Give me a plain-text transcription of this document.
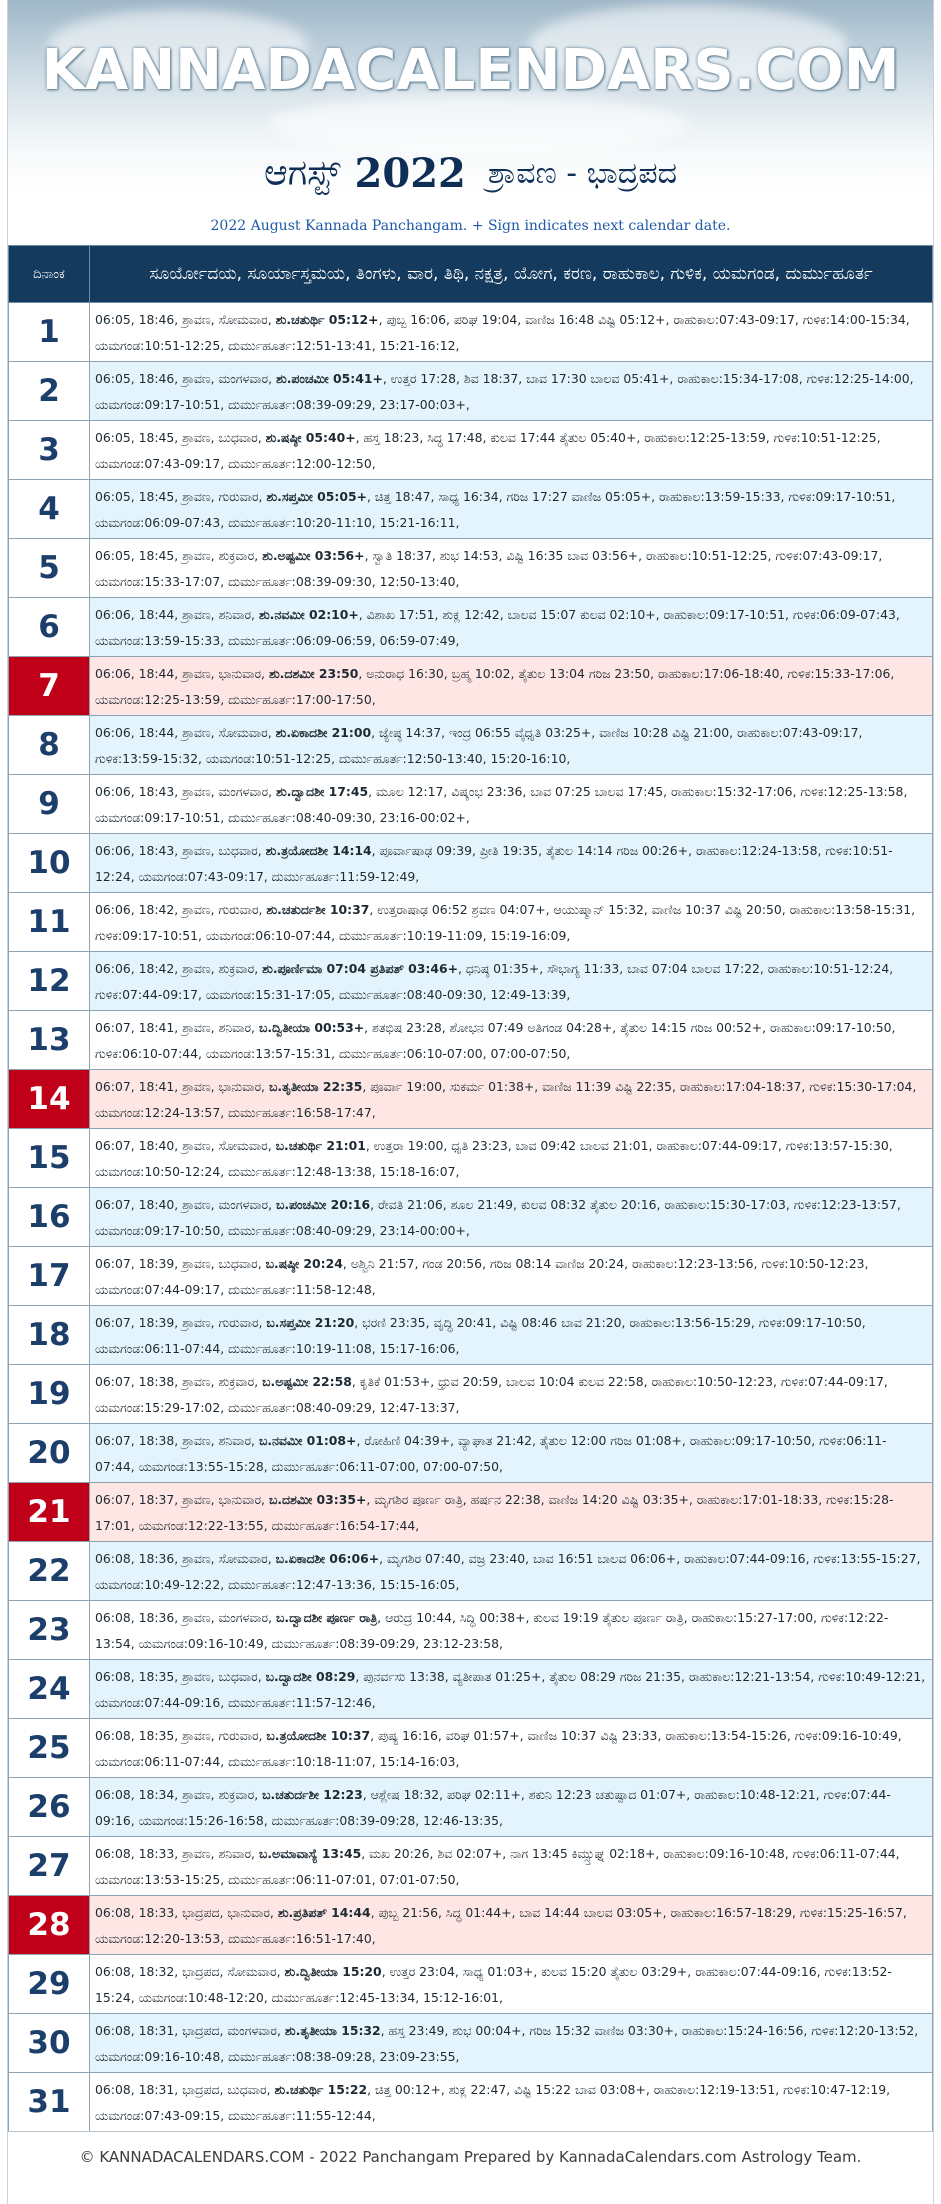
KANNADACALENDARS.COM
ಆಗಸ್ಟ್ 2022 ಶ್ರಾವಣ - ಭಾದ್ರಪದ
2022 August Kannada Panchangam. + Sign indicates next calendar date.
ದಿನಾಂಕ	ಸೂರ್ಯೋದಯ, ಸೂರ್ಯಾಸ್ತಮಯ, ತಿಂಗಳು, ವಾರ, ತಿಥಿ, ನಕ್ಷತ್ರ, ಯೋಗ, ಕರಣ, ರಾಹುಕಾಲ, ಗುಳಿಕ, ಯಮಗಂಡ, ದುರ್ಮುಹೂರ್ತ
1	06:05, 18:46, ಶ್ರಾವಣ, ಸೋಮವಾರ, ಶು.ಚತುರ್ಥಿ 05:12+, ಪುಬ್ಬ 16:06, ಪರಿಘ 19:04, ವಾಣಿಜ 16:48 ವಿಷ್ಟಿ 05:12+, ರಾಹುಕಾಲ:07:43-09:17, ಗುಳಿಕ:14:00-15:34, ಯಮಗಂಡ:10:51-12:25, ದುರ್ಮುಹೂರ್ತ:12:51-13:41, 15:21-16:12,
2	06:05, 18:46, ಶ್ರಾವಣ, ಮಂಗಳವಾರ, ಶು.ಪಂಚಮೀ 05:41+, ಉತ್ತರ 17:28, ಶಿವ 18:37, ಬಾವ 17:30 ಬಾಲವ 05:41+, ರಾಹುಕಾಲ:15:34-17:08, ಗುಳಿಕ:12:25-14:00, ಯಮಗಂಡ:09:17-10:51, ದುರ್ಮುಹೂರ್ತ:08:39-09:29, 23:17-00:03+,
3	06:05, 18:45, ಶ್ರಾವಣ, ಬುಧವಾರ, ಶು.ಷಷ್ಠೀ 05:40+, ಹಸ್ತ 18:23, ಸಿದ್ಧ 17:48, ಕುಲವ 17:44 ತೈತುಲ 05:40+, ರಾಹುಕಾಲ:12:25-13:59, ಗುಳಿಕ:10:51-12:25, ಯಮಗಂಡ:07:43-09:17, ದುರ್ಮುಹೂರ್ತ:12:00-12:50,
4	06:05, 18:45, ಶ್ರಾವಣ, ಗುರುವಾರ, ಶು.ಸಪ್ತಮೀ 05:05+, ಚಿತ್ತ 18:47, ಸಾಧ್ಯ 16:34, ಗರಿಜ 17:27 ವಾಣಿಜ 05:05+, ರಾಹುಕಾಲ:13:59-15:33, ಗುಳಿಕ:09:17-10:51, ಯಮಗಂಡ:06:09-07:43, ದುರ್ಮುಹೂರ್ತ:10:20-11:10, 15:21-16:11,
5	06:05, 18:45, ಶ್ರಾವಣ, ಶುಕ್ರವಾರ, ಶು.ಅಷ್ಟಮೀ 03:56+, ಸ್ವಾತಿ 18:37, ಶುಭ 14:53, ವಿಷ್ಟಿ 16:35 ಬಾವ 03:56+, ರಾಹುಕಾಲ:10:51-12:25, ಗುಳಿಕ:07:43-09:17, ಯಮಗಂಡ:15:33-17:07, ದುರ್ಮುಹೂರ್ತ:08:39-09:30, 12:50-13:40,
6	06:06, 18:44, ಶ್ರಾವಣ, ಶನಿವಾರ, ಶು.ನವಮೀ 02:10+, ವಿಶಾಖ 17:51, ಶುಕ್ಲ 12:42, ಬಾಲವ 15:07 ಕುಲವ 02:10+, ರಾಹುಕಾಲ:09:17-10:51, ಗುಳಿಕ:06:09-07:43, ಯಮಗಂಡ:13:59-15:33, ದುರ್ಮುಹೂರ್ತ:06:09-06:59, 06:59-07:49,
7	06:06, 18:44, ಶ್ರಾವಣ, ಭಾನುವಾರ, ಶು.ದಶಮೀ 23:50, ಅನುರಾಧ 16:30, ಬ್ರಹ್ಮ 10:02, ತೈತುಲ 13:04 ಗರಿಜ 23:50, ರಾಹುಕಾಲ:17:06-18:40, ಗುಳಿಕ:15:33-17:06, ಯಮಗಂಡ:12:25-13:59, ದುರ್ಮುಹೂರ್ತ:17:00-17:50,
8	06:06, 18:44, ಶ್ರಾವಣ, ಸೋಮವಾರ, ಶು.ಏಕಾದಶೀ 21:00, ಜ್ಯೇಷ್ಠ 14:37, ಇಂದ್ರ 06:55 ವೈಧೃತಿ 03:25+, ವಾಣಿಜ 10:28 ವಿಷ್ಟಿ 21:00, ರಾಹುಕಾಲ:07:43-09:17, ಗುಳಿಕ:13:59-15:32, ಯಮಗಂಡ:10:51-12:25, ದುರ್ಮುಹೂರ್ತ:12:50-13:40, 15:20-16:10,
9	06:06, 18:43, ಶ್ರಾವಣ, ಮಂಗಳವಾರ, ಶು.ದ್ವಾದಶೀ 17:45, ಮೂಲ 12:17, ವಿಷ್ಕಂಭ 23:36, ಬಾವ 07:25 ಬಾಲವ 17:45, ರಾಹುಕಾಲ:15:32-17:06, ಗುಳಿಕ:12:25-13:58, ಯಮಗಂಡ:09:17-10:51, ದುರ್ಮುಹೂರ್ತ:08:40-09:30, 23:16-00:02+,
10	06:06, 18:43, ಶ್ರಾವಣ, ಬುಧವಾರ, ಶು.ತ್ರಯೋದಶೀ 14:14, ಪೂರ್ವಾಷಾಢ 09:39, ಪ್ರೀತಿ 19:35, ತೈತುಲ 14:14 ಗರಿಜ 00:26+, ರಾಹುಕಾಲ:12:24-13:58, ಗುಳಿಕ:10:51-12:24, ಯಮಗಂಡ:07:43-09:17, ದುರ್ಮುಹೂರ್ತ:11:59-12:49,
11	06:06, 18:42, ಶ್ರಾವಣ, ಗುರುವಾರ, ಶು.ಚತುರ್ದಶೀ 10:37, ಉತ್ತರಾಷಾಢ 06:52 ಶ್ರವಣ 04:07+, ಆಯುಷ್ಮಾನ್ 15:32, ವಾಣಿಜ 10:37 ವಿಷ್ಟಿ 20:50, ರಾಹುಕಾಲ:13:58-15:31, ಗುಳಿಕ:09:17-10:51, ಯಮಗಂಡ:06:10-07:44, ದುರ್ಮುಹೂರ್ತ:10:19-11:09, 15:19-16:09,
12	06:06, 18:42, ಶ್ರಾವಣ, ಶುಕ್ರವಾರ, ಶು.ಪೂರ್ಣಿಮಾ 07:04 ಪ್ರತಿಪತ್ 03:46+, ಧನಿಷ್ಠ 01:35+, ಸೌಭಾಗ್ಯ 11:33, ಬಾವ 07:04 ಬಾಲವ 17:22, ರಾಹುಕಾಲ:10:51-12:24, ಗುಳಿಕ:07:44-09:17, ಯಮಗಂಡ:15:31-17:05, ದುರ್ಮುಹೂರ್ತ:08:40-09:30, 12:49-13:39,
13	06:07, 18:41, ಶ್ರಾವಣ, ಶನಿವಾರ, ಬ.ದ್ವಿತೀಯಾ 00:53+, ಶತಭಿಷ 23:28, ಶೋಭನ 07:49 ಅತಿಗಂಡ 04:28+, ತೈತುಲ 14:15 ಗರಿಜ 00:52+, ರಾಹುಕಾಲ:09:17-10:50, ಗುಳಿಕ:06:10-07:44, ಯಮಗಂಡ:13:57-15:31, ದುರ್ಮುಹೂರ್ತ:06:10-07:00, 07:00-07:50,
14	06:07, 18:41, ಶ್ರಾವಣ, ಭಾನುವಾರ, ಬ.ತೃತೀಯಾ 22:35, ಪೂರ್ವಾ 19:00, ಸುಕರ್ಮ 01:38+, ವಾಣಿಜ 11:39 ವಿಷ್ಟಿ 22:35, ರಾಹುಕಾಲ:17:04-18:37, ಗುಳಿಕ:15:30-17:04, ಯಮಗಂಡ:12:24-13:57, ದುರ್ಮುಹೂರ್ತ:16:58-17:47,
15	06:07, 18:40, ಶ್ರಾವಣ, ಸೋಮವಾರ, ಬ.ಚತುರ್ಥಿ 21:01, ಉತ್ತರಾ 19:00, ಧೃತಿ 23:23, ಬಾವ 09:42 ಬಾಲವ 21:01, ರಾಹುಕಾಲ:07:44-09:17, ಗುಳಿಕ:13:57-15:30, ಯಮಗಂಡ:10:50-12:24, ದುರ್ಮುಹೂರ್ತ:12:48-13:38, 15:18-16:07,
16	06:07, 18:40, ಶ್ರಾವಣ, ಮಂಗಳವಾರ, ಬ.ಪಂಚಮೀ 20:16, ರೇವತಿ 21:06, ಶೂಲ 21:49, ಕುಲವ 08:32 ತೈತುಲ 20:16, ರಾಹುಕಾಲ:15:30-17:03, ಗುಳಿಕ:12:23-13:57, ಯಮಗಂಡ:09:17-10:50, ದುರ್ಮುಹೂರ್ತ:08:40-09:29, 23:14-00:00+,
17	06:07, 18:39, ಶ್ರಾವಣ, ಬುಧವಾರ, ಬ.ಷಷ್ಠೀ 20:24, ಅಶ್ವಿನಿ 21:57, ಗಂಡ 20:56, ಗರಿಜ 08:14 ವಾಣಿಜ 20:24, ರಾಹುಕಾಲ:12:23-13:56, ಗುಳಿಕ:10:50-12:23, ಯಮಗಂಡ:07:44-09:17, ದುರ್ಮುಹೂರ್ತ:11:58-12:48,
18	06:07, 18:39, ಶ್ರಾವಣ, ಗುರುವಾರ, ಬ.ಸಪ್ತಮೀ 21:20, ಭರಣಿ 23:35, ವೃದ್ಧಿ 20:41, ವಿಷ್ಟಿ 08:46 ಬಾವ 21:20, ರಾಹುಕಾಲ:13:56-15:29, ಗುಳಿಕ:09:17-10:50, ಯಮಗಂಡ:06:11-07:44, ದುರ್ಮುಹೂರ್ತ:10:19-11:08, 15:17-16:06,
19	06:07, 18:38, ಶ್ರಾವಣ, ಶುಕ್ರವಾರ, ಬ.ಅಷ್ಟಮೀ 22:58, ಕೃತಿಕೆ 01:53+, ಧ್ರುವ 20:59, ಬಾಲವ 10:04 ಕುಲವ 22:58, ರಾಹುಕಾಲ:10:50-12:23, ಗುಳಿಕ:07:44-09:17, ಯಮಗಂಡ:15:29-17:02, ದುರ್ಮುಹೂರ್ತ:08:40-09:29, 12:47-13:37,
20	06:07, 18:38, ಶ್ರಾವಣ, ಶನಿವಾರ, ಬ.ನವಮೀ 01:08+, ರೋಹಿಣಿ 04:39+, ವ್ಯಾಘಾತ 21:42, ತೈತುಲ 12:00 ಗರಿಜ 01:08+, ರಾಹುಕಾಲ:09:17-10:50, ಗುಳಿಕ:06:11-07:44, ಯಮಗಂಡ:13:55-15:28, ದುರ್ಮುಹೂರ್ತ:06:11-07:00, 07:00-07:50,
21	06:07, 18:37, ಶ್ರಾವಣ, ಭಾನುವಾರ, ಬ.ದಶಮೀ 03:35+, ಮೃಗಶಿರ ಪೂರ್ಣ ರಾತ್ರಿ, ಹರ್ಷನ 22:38, ವಾಣಿಜ 14:20 ವಿಷ್ಟಿ 03:35+, ರಾಹುಕಾಲ:17:01-18:33, ಗುಳಿಕ:15:28-17:01, ಯಮಗಂಡ:12:22-13:55, ದುರ್ಮುಹೂರ್ತ:16:54-17:44,
22	06:08, 18:36, ಶ್ರಾವಣ, ಸೋಮವಾರ, ಬ.ಏಕಾದಶೀ 06:06+, ಮೃಗಶಿರ 07:40, ವಜ್ರ 23:40, ಬಾವ 16:51 ಬಾಲವ 06:06+, ರಾಹುಕಾಲ:07:44-09:16, ಗುಳಿಕ:13:55-15:27, ಯಮಗಂಡ:10:49-12:22, ದುರ್ಮುಹೂರ್ತ:12:47-13:36, 15:15-16:05,
23	06:08, 18:36, ಶ್ರಾವಣ, ಮಂಗಳವಾರ, ಬ.ದ್ವಾದಶೀ ಪೂರ್ಣ ರಾತ್ರಿ, ಆರುದ್ರ 10:44, ಸಿದ್ಧಿ 00:38+, ಕುಲವ 19:19 ತೈತುಲ ಪೂರ್ಣ ರಾತ್ರಿ, ರಾಹುಕಾಲ:15:27-17:00, ಗುಳಿಕ:12:22-13:54, ಯಮಗಂಡ:09:16-10:49, ದುರ್ಮುಹೂರ್ತ:08:39-09:29, 23:12-23:58,
24	06:08, 18:35, ಶ್ರಾವಣ, ಬುಧವಾರ, ಬ.ದ್ವಾದಶೀ 08:29, ಪುನರ್ವಸು 13:38, ವ್ಯತೀಪಾತ 01:25+, ತೈತುಲ 08:29 ಗರಿಜ 21:35, ರಾಹುಕಾಲ:12:21-13:54, ಗುಳಿಕ:10:49-12:21, ಯಮಗಂಡ:07:44-09:16, ದುರ್ಮುಹೂರ್ತ:11:57-12:46,
25	06:08, 18:35, ಶ್ರಾವಣ, ಗುರುವಾರ, ಬ.ತ್ರಯೋದಶೀ 10:37, ಪುಷ್ಯ 16:16, ವರಿಘ 01:57+, ವಾಣಿಜ 10:37 ವಿಷ್ಟಿ 23:33, ರಾಹುಕಾಲ:13:54-15:26, ಗುಳಿಕ:09:16-10:49, ಯಮಗಂಡ:06:11-07:44, ದುರ್ಮುಹೂರ್ತ:10:18-11:07, 15:14-16:03,
26	06:08, 18:34, ಶ್ರಾವಣ, ಶುಕ್ರವಾರ, ಬ.ಚತುರ್ದಶೀ 12:23, ಆಶ್ಲೇಷ 18:32, ಪರಿಘ 02:11+, ಶಕುನಿ 12:23 ಚತುಷ್ಪಾದ 01:07+, ರಾಹುಕಾಲ:10:48-12:21, ಗುಳಿಕ:07:44-09:16, ಯಮಗಂಡ:15:26-16:58, ದುರ್ಮುಹೂರ್ತ:08:39-09:28, 12:46-13:35,
27	06:08, 18:33, ಶ್ರಾವಣ, ಶನಿವಾರ, ಬ.ಅಮಾವಾಸ್ಯೆ 13:45, ಮಖ 20:26, ಶಿವ 02:07+, ನಾಗ 13:45 ಕಿಮ್ಸ್ತುಘ್ನ 02:18+, ರಾಹುಕಾಲ:09:16-10:48, ಗುಳಿಕ:06:11-07:44, ಯಮಗಂಡ:13:53-15:25, ದುರ್ಮುಹೂರ್ತ:06:11-07:01, 07:01-07:50,
28	06:08, 18:33, ಭಾದ್ರಪದ, ಭಾನುವಾರ, ಶು.ಪ್ರತಿಪತ್ 14:44, ಪುಬ್ಬ 21:56, ಸಿದ್ಧ 01:44+, ಬಾವ 14:44 ಬಾಲವ 03:05+, ರಾಹುಕಾಲ:16:57-18:29, ಗುಳಿಕ:15:25-16:57, ಯಮಗಂಡ:12:20-13:53, ದುರ್ಮುಹೂರ್ತ:16:51-17:40,
29	06:08, 18:32, ಭಾದ್ರಪದ, ಸೋಮವಾರ, ಶು.ದ್ವಿತೀಯಾ 15:20, ಉತ್ತರ 23:04, ಸಾಧ್ಯ 01:03+, ಕುಲವ 15:20 ತೈತುಲ 03:29+, ರಾಹುಕಾಲ:07:44-09:16, ಗುಳಿಕ:13:52-15:24, ಯಮಗಂಡ:10:48-12:20, ದುರ್ಮುಹೂರ್ತ:12:45-13:34, 15:12-16:01,
30	06:08, 18:31, ಭಾದ್ರಪದ, ಮಂಗಳವಾರ, ಶು.ತೃತೀಯಾ 15:32, ಹಸ್ತ 23:49, ಶುಭ 00:04+, ಗರಿಜ 15:32 ವಾಣಿಜ 03:30+, ರಾಹುಕಾಲ:15:24-16:56, ಗುಳಿಕ:12:20-13:52, ಯಮಗಂಡ:09:16-10:48, ದುರ್ಮುಹೂರ್ತ:08:38-09:28, 23:09-23:55,
31	06:08, 18:31, ಭಾದ್ರಪದ, ಬುಧವಾರ, ಶು.ಚತುರ್ಥಿ 15:22, ಚಿತ್ತ 00:12+, ಶುಕ್ಲ 22:47, ವಿಷ್ಟಿ 15:22 ಬಾವ 03:08+, ರಾಹುಕಾಲ:12:19-13:51, ಗುಳಿಕ:10:47-12:19, ಯಮಗಂಡ:07:43-09:15, ದುರ್ಮುಹೂರ್ತ:11:55-12:44,
© KANNADACALENDARS.COM - 2022 Panchangam Prepared by KannadaCalendars.com Astrology Team.
